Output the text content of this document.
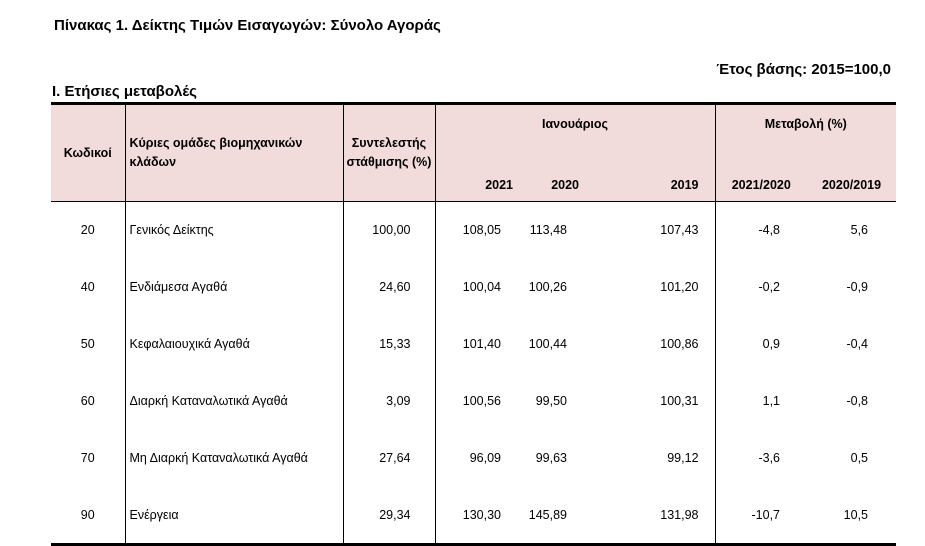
Πίνακας 1. Δείκτης Τιμών Εισαγωγών: Σύνολο Αγοράς
Έτος βάσης: 2015=100,0
Ι. Ετήσιες μεταβολές
Κωδικοί	Κύριες ομάδες βιομηχανικών κλάδων	Συντελεστής στάθμισης (%)	Ιανουάριος			Μεταβολή (%)	
			2021	2020	2019	2021/2020	2020/2019
20	Γενικός Δείκτης	100,00	108,05	113,48	107,43	-4,8	5,6
40	Ενδιάμεσα Αγαθά	24,60	100,04	100,26	101,20	-0,2	-0,9
50	Κεφαλαιουχικά Αγαθά	15,33	101,40	100,44	100,86	0,9	-0,4
60	Διαρκή Καταναλωτικά Αγαθά	3,09	100,56	99,50	100,31	1,1	-0,8
70	Μη Διαρκή Καταναλωτικά Αγαθά	27,64	96,09	99,63	99,12	-3,6	0,5
90	Ενέργεια	29,34	130,30	145,89	131,98	-10,7	10,5
